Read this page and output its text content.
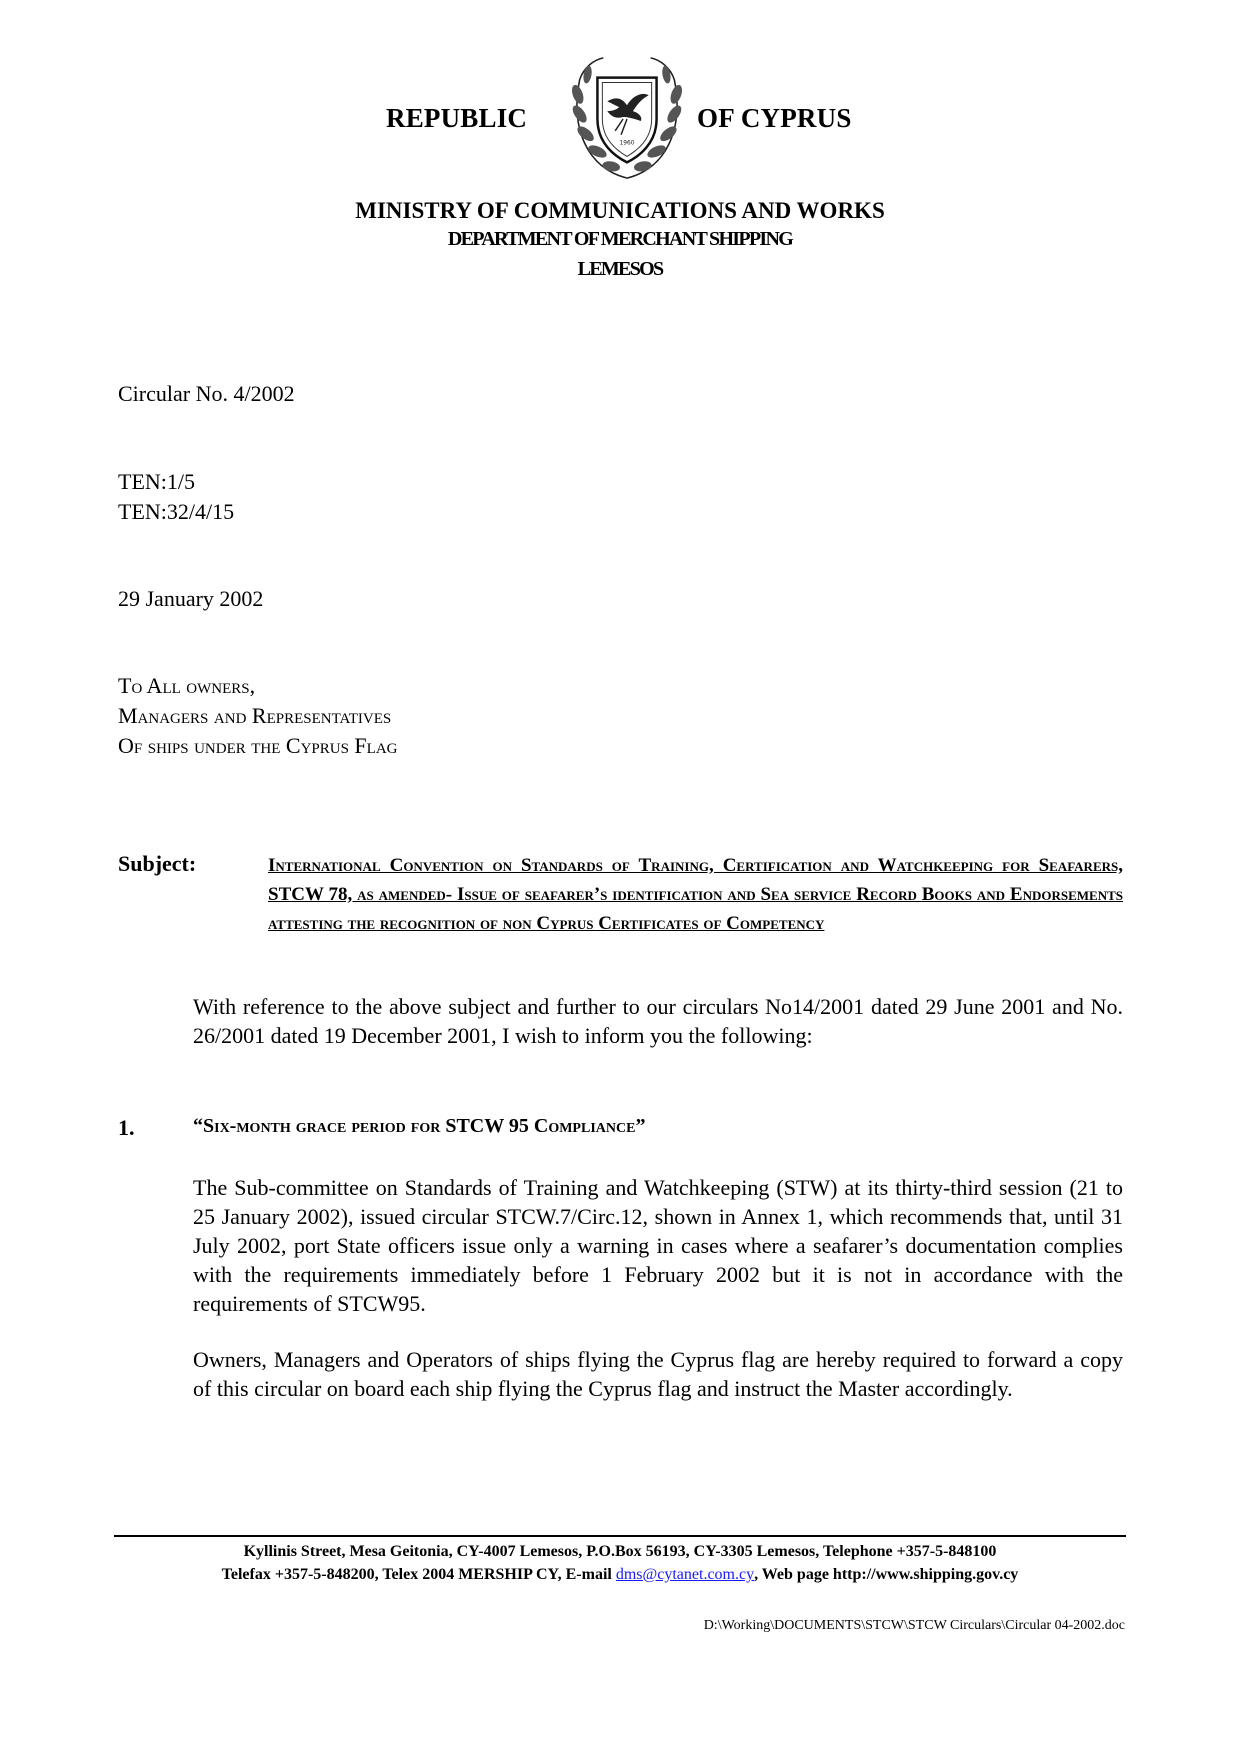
REPUBLIC
1960
OF CYPRUS
MINISTRY OF COMMUNICATIONS AND WORKS
DEPARTMENT OF MERCHANT SHIPPING
LEMESOS
Circular No. 4/2002
TEN:1/5
TEN:32/4/15
29 January 2002
To All owners,
Managers and Representatives
Of ships under the Cyprus Flag
Subject:	International Convention on Standards of Training, Certification and Watchkeeping for Seafarers, STCW 78, as amended- Issue of seafarer’s identification and Sea service Record Books and Endorsements attesting the recognition of non Cyprus Certificates of Competency
With reference to the above subject and further to our circulars No14/2001 dated 29 June 2001 and No. 26/2001 dated 19 December 2001, I wish to inform you the following:
1.	“Six-month grace period for STCW 95 Compliance”
The Sub-committee on Standards of Training and Watchkeeping (STW) at its thirty-third session (21 to 25 January 2002), issued circular STCW.7/Circ.12, shown in Annex 1, which recommends that, until 31 July 2002, port State officers issue only a warning in cases where a seafarer’s documentation complies with the requirements immediately before 1 February 2002 but it is not in accordance with the requirements of STCW95.
Owners, Managers and Operators of ships flying the Cyprus flag are hereby required to forward a copy of this circular on board each ship flying the Cyprus flag and instruct the Master accordingly.
Kyllinis Street, Mesa Geitonia, CY-4007 Lemesos, P.O.Box 56193, CY-3305 Lemesos, Telephone +357-5-848100
Telefax +357-5-848200, Telex 2004 MERSHIP CY, E-mail dms@cytanet.com.cy, Web page http://www.shipping.gov.cy
D:\Working\DOCUMENTS\STCW\STCW Circulars\Circular 04-2002.doc
